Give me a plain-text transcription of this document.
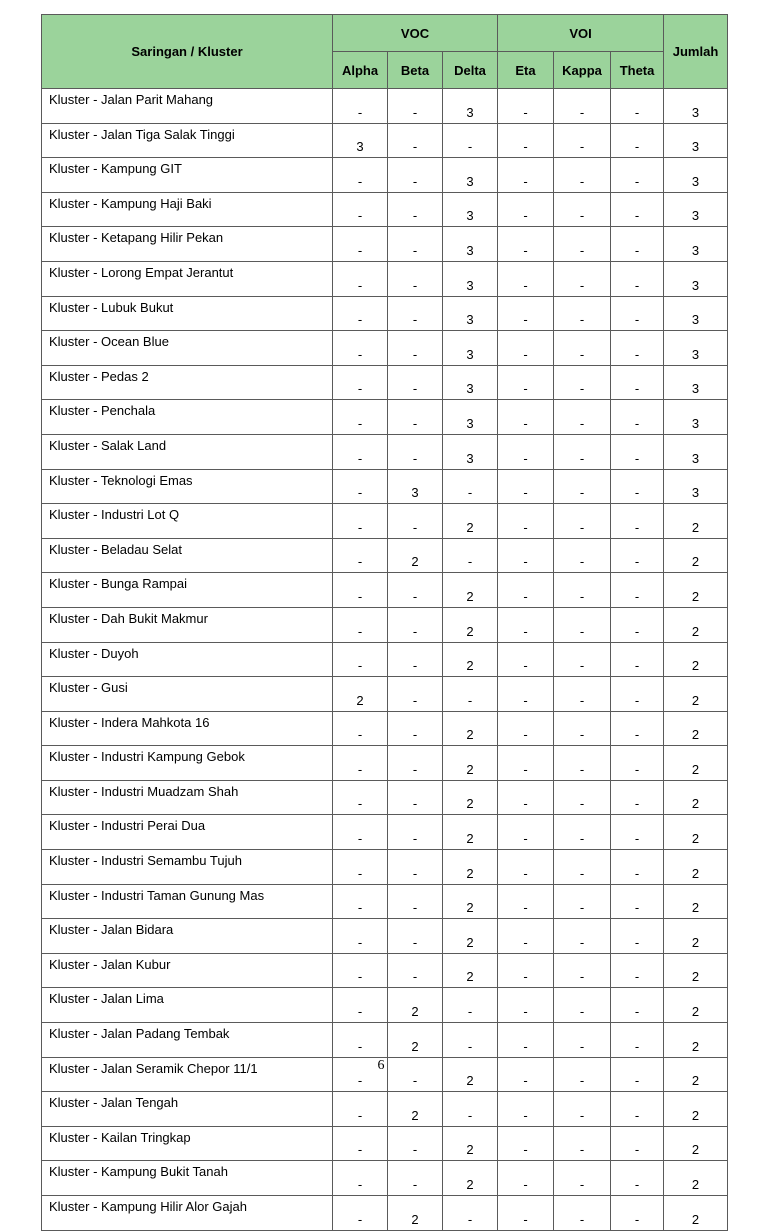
Saringan / Kluster	VOC			VOI			Jumlah
	Alpha	Beta	Delta	Eta	Kappa	Theta	
Kluster - Jalan Parit Mahang	-	-	3	-	-	-	3
Kluster - Jalan Tiga Salak Tinggi	3	-	-	-	-	-	3
Kluster - Kampung GIT	-	-	3	-	-	-	3
Kluster - Kampung Haji Baki	-	-	3	-	-	-	3
Kluster - Ketapang Hilir Pekan	-	-	3	-	-	-	3
Kluster - Lorong Empat Jerantut	-	-	3	-	-	-	3
Kluster - Lubuk Bukut	-	-	3	-	-	-	3
Kluster - Ocean Blue	-	-	3	-	-	-	3
Kluster - Pedas 2	-	-	3	-	-	-	3
Kluster - Penchala	-	-	3	-	-	-	3
Kluster - Salak Land	-	-	3	-	-	-	3
Kluster - Teknologi Emas	-	3	-	-	-	-	3
Kluster - Industri Lot Q	-	-	2	-	-	-	2
Kluster - Beladau Selat	-	2	-	-	-	-	2
Kluster - Bunga Rampai	-	-	2	-	-	-	2
Kluster - Dah Bukit Makmur	-	-	2	-	-	-	2
Kluster - Duyoh	-	-	2	-	-	-	2
Kluster - Gusi	2	-	-	-	-	-	2
Kluster - Indera Mahkota 16	-	-	2	-	-	-	2
Kluster - Industri Kampung Gebok	-	-	2	-	-	-	2
Kluster - Industri Muadzam Shah	-	-	2	-	-	-	2
Kluster - Industri Perai Dua	-	-	2	-	-	-	2
Kluster - Industri Semambu Tujuh	-	-	2	-	-	-	2
Kluster - Industri Taman Gunung Mas	-	-	2	-	-	-	2
Kluster - Jalan Bidara	-	-	2	-	-	-	2
Kluster - Jalan Kubur	-	-	2	-	-	-	2
Kluster - Jalan Lima	-	2	-	-	-	-	2
Kluster - Jalan Padang Tembak	-	2	-	-	-	-	2
Kluster - Jalan Seramik Chepor 11/1	-	-	2	-	-	-	2
Kluster - Jalan Tengah	-	2	-	-	-	-	2
Kluster - Kailan Tringkap	-	-	2	-	-	-	2
Kluster - Kampung Bukit Tanah	-	-	2	-	-	-	2
Kluster - Kampung Hilir Alor Gajah	-	2	-	-	-	-	2
6
